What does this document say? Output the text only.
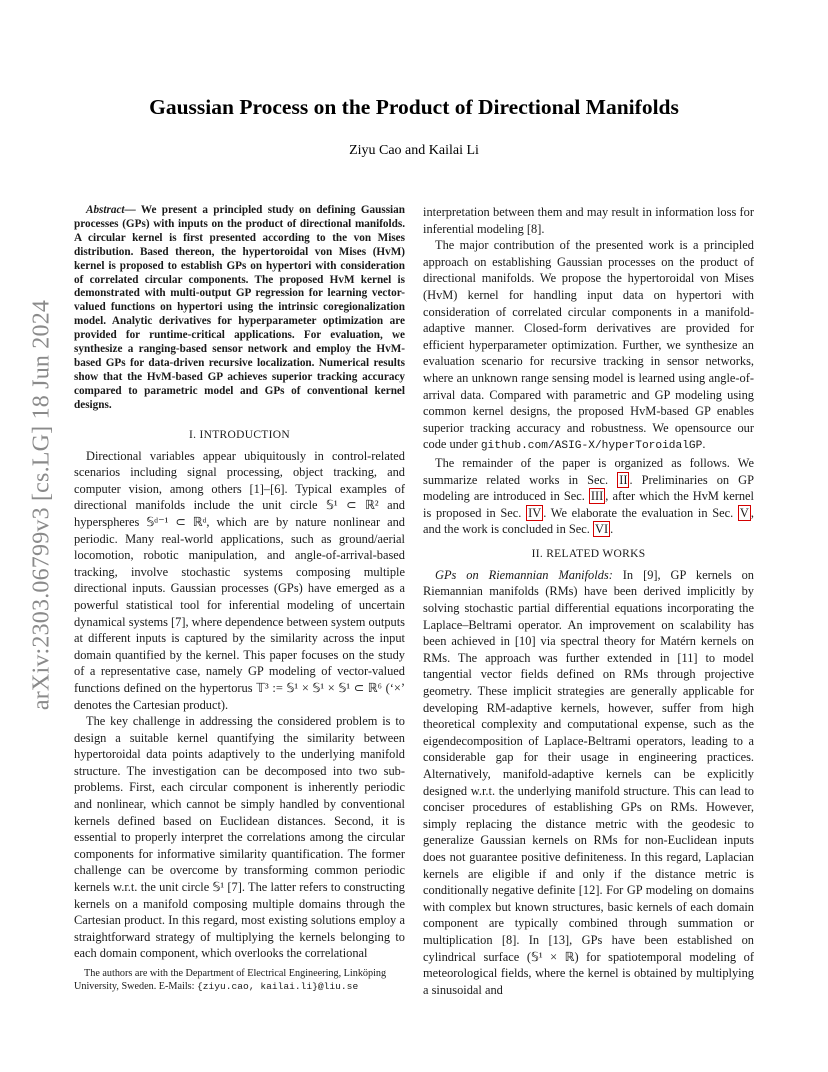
arXiv:2303.06799v3 [cs.LG] 18 Jun 2024
Gaussian Process on the Product of Directional Manifolds
Ziyu Cao and Kailai Li

Abstract— We present a principled study on defining Gaussian processes (GPs) with inputs on the product of directional manifolds. A circular kernel is first presented according to the von Mises distribution. Based thereon, the hypertoroidal von Mises (HvM) kernel is proposed to establish GPs on hypertori with consideration of correlated circular components. The proposed HvM kernel is demonstrated with multi-output GP regression for learning vector-valued functions on hypertori using the intrinsic coregionalization model. Analytic derivatives for hyperparameter optimization are provided for runtime-critical applications. For evaluation, we synthesize a ranging-based sensor network and employ the HvM-based GPs for data-driven recursive localization. Numerical results show that the HvM-based GP achieves superior tracking accuracy compared to parametric model and GPs of conventional kernel designs.

I. INTRODUCTION

Directional variables appear ubiquitously in control-related scenarios including signal processing, object tracking, and computer vision, among others [1]–[6]. Typical examples of directional manifolds include the unit circle 𝕊¹ ⊂ ℝ² and hyperspheres 𝕊ᵈ⁻¹ ⊂ ℝᵈ, which are by nature nonlinear and periodic. Many real-world applications, such as ground/aerial locomotion, robotic manipulation, and angle-of-arrival-based tracking, involve stochastic systems composing multiple directional inputs. Gaussian processes (GPs) have emerged as a powerful statistical tool for inferential modeling of uncertain dynamical systems [7], where dependence between system outputs at different inputs is captured by the similarity across the input domain quantified by the kernel. This paper focuses on the study of a representative case, namely GP modeling of vector-valued functions defined on the hypertorus 𝕋³ := 𝕊¹ × 𝕊¹ × 𝕊¹ ⊂ ℝ⁶ (‘×’ denotes the Cartesian product).

The key challenge in addressing the considered problem is to design a suitable kernel quantifying the similarity between hypertoroidal data points adaptively to the underlying manifold structure. The investigation can be decomposed into two sub-problems. First, each circular component is inherently periodic and nonlinear, which cannot be simply handled by conventional kernels defined based on Euclidean distances. Second, it is essential to properly interpret the correlations among the circular components for informative similarity quantification. The former challenge can be overcome by transforming common periodic kernels w.r.t. the unit circle 𝕊¹ [7]. The latter refers to constructing kernels on a manifold composing multiple domains through the Cartesian product. In this regard, most existing solutions employ a straightforward strategy of multiplying the kernels belonging to each domain component, which overlooks the correlational

interpretation between them and may result in information loss for inferential modeling [8].

The major contribution of the presented work is a principled approach on establishing Gaussian processes on the product of directional manifolds. We propose the hypertoroidal von Mises (HvM) kernel for handling input data on hypertori with consideration of correlated circular components in a manifold-adaptive manner. Closed-form derivatives are provided for efficient hyperparameter optimization. Further, we synthesize an evaluation scenario for recursive tracking in sensor networks, where an unknown range sensing model is learned using angle-of-arrival data. Compared with parametric and GP modeling using common kernel designs, the proposed HvM-based GP enables superior tracking accuracy and robustness. We opensource our code under github.com/ASIG-X/hyperToroidalGP.

The remainder of the paper is organized as follows. We summarize related works in Sec. II . Preliminaries on GP modeling are introduced in Sec. III , after which the HvM kernel is proposed in Sec. IV . We elaborate the evaluation in Sec. V , and the work is concluded in Sec. VI .

II. RELATED WORKS

GPs on Riemannian Manifolds: In [9], GP kernels on Riemannian manifolds (RMs) have been derived implicitly by solving stochastic partial differential equations incorporating the Laplace–Beltrami operator. An improvement on scalability has been achieved in [10] via spectral theory for Matérn kernels on RMs. The approach was further extended in [11] to model tangential vector fields defined on RMs through projective geometry. These implicit strategies are generally applicable for developing RM-adaptive kernels, however, suffer from high theoretical complexity and computational expense, such as the eigendecomposition of Laplace-Beltrami operators, leading to a considerable gap for their usage in engineering practices. Alternatively, manifold-adaptive kernels can be explicitly designed w.r.t. the underlying manifold structure. This can lead to conciser procedures of establishing GPs on RMs. However, simply replacing the distance metric with the geodesic to generalize Gaussian kernels on RMs for non-Euclidean inputs does not guarantee positive definiteness. In this regard, Laplacian kernels are eligible if and only if the distance metric is conditionally negative definite [12]. For GP modeling on domains with complex but known structures, basic kernels of each domain component are typically combined through summation or multiplication [8]. In [13], GPs have been established on cylindrical surface (𝕊¹ × ℝ) for spatiotemporal modeling of meteorological fields, where the kernel is obtained by multiplying a sinusoidal and

The authors are with the Department of Electrical Engineering, Linköping University, Sweden. E-Mails: {ziyu.cao, kailai.li}@liu.se
